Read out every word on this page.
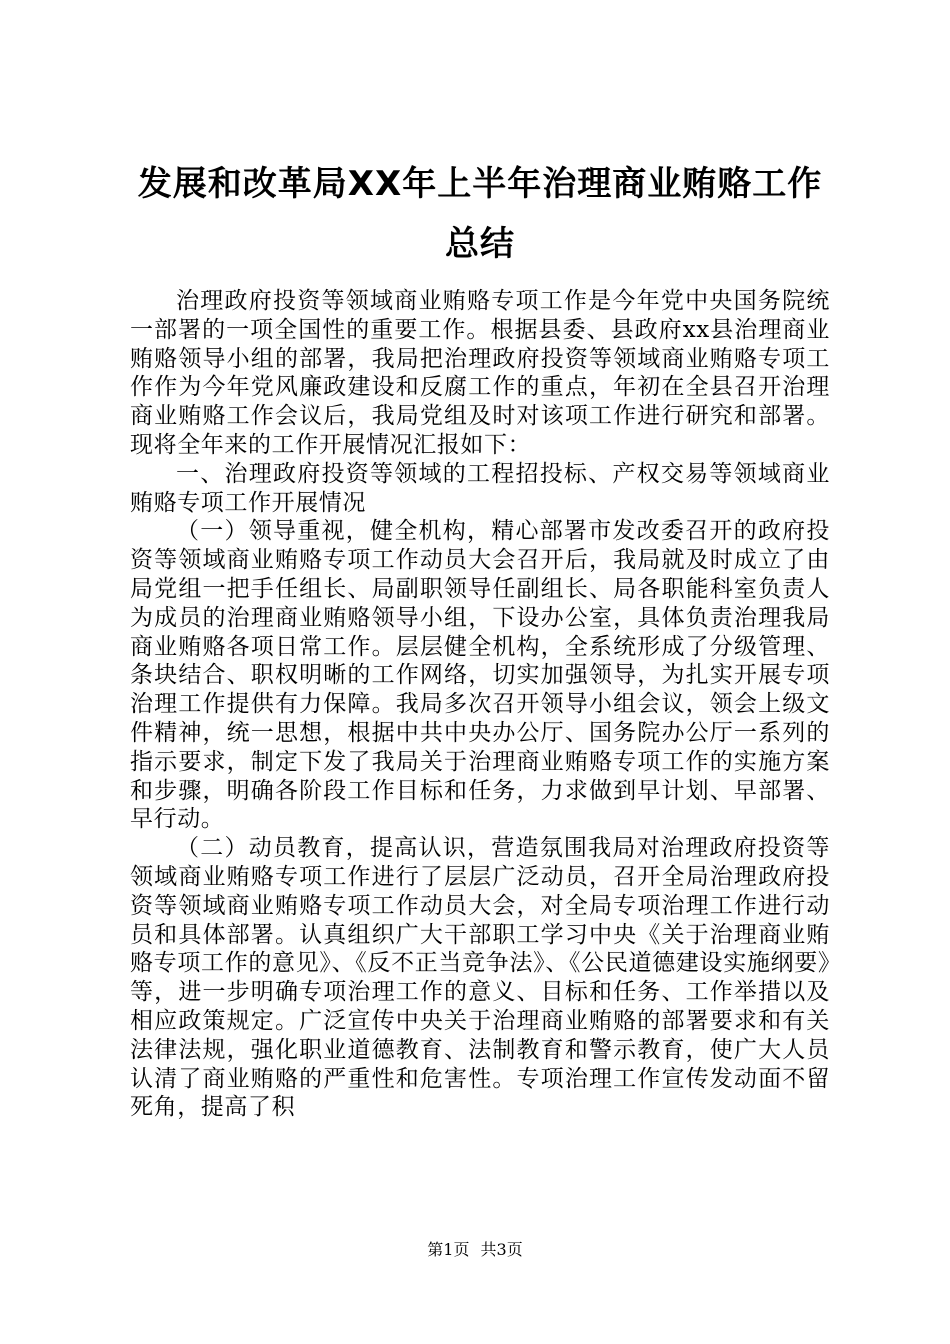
发展和改革局XX年上半年治理商业贿赂工作
总结

治理政府投资等领域商业贿赂专项工作是今年党中央国务院统一部署的一项全国性的重要工作。根据县委、县政府xx县治理商业贿赂领导小组的部署，我局把治理政府投资等领域商业贿赂专项工作作为今年党风廉政建设和反腐工作的重点，年初在全县召开治理商业贿赂工作会议后，我局党组及时对该项工作进行研究和部署。现将全年来的工作开展情况汇报如下：

一、治理政府投资等领域的工程招投标、产权交易等领域商业贿赂专项工作开展情况

（一）领导重视，健全机构，精心部署市发改委召开的政府投资等领域商业贿赂专项工作动员大会召开后，我局就及时成立了由局党组一把手任组长、局副职领导任副组长、局各职能科室负责人为成员的治理商业贿赂领导小组，下设办公室，具体负责治理我局商业贿赂各项日常工作。层层健全机构，全系统形成了分级管理、条块结合、职权明晰的工作网络，切实加强领导，为扎实开展专项治理工作提供有力保障。我局多次召开领导小组会议，领会上级文件精神，统一思想，根据中共中央办公厅、国务院办公厅一系列的指示要求，制定下发了我局关于治理商业贿赂专项工作的实施方案和步骤，明确各阶段工作目标和任务，力求做到早计划、早部署、早行动。

（二）动员教育，提高认识，营造氛围我局对治理政府投资等领域商业贿赂专项工作进行了层层广泛动员，召开全局治理政府投资等领域商业贿赂专项工作动员大会，对全局专项治理工作进行动员和具体部署。认真组织广大干部职工学习中央《关于治理商业贿赂专项工作的意见》、《反不正当竞争法》、《公民道德建设实施纲要》等，进一步明确专项治理工作的意义、目标和任务、工作举措以及相应政策规定。广泛宣传中央关于治理商业贿赂的部署要求和有关法律法规，强化职业道德教育、法制教育和警示教育，使广大人员认清了商业贿赂的严重性和危害性。专项治理工作宣传发动面不留死角，提高了积

第1页 共3页
